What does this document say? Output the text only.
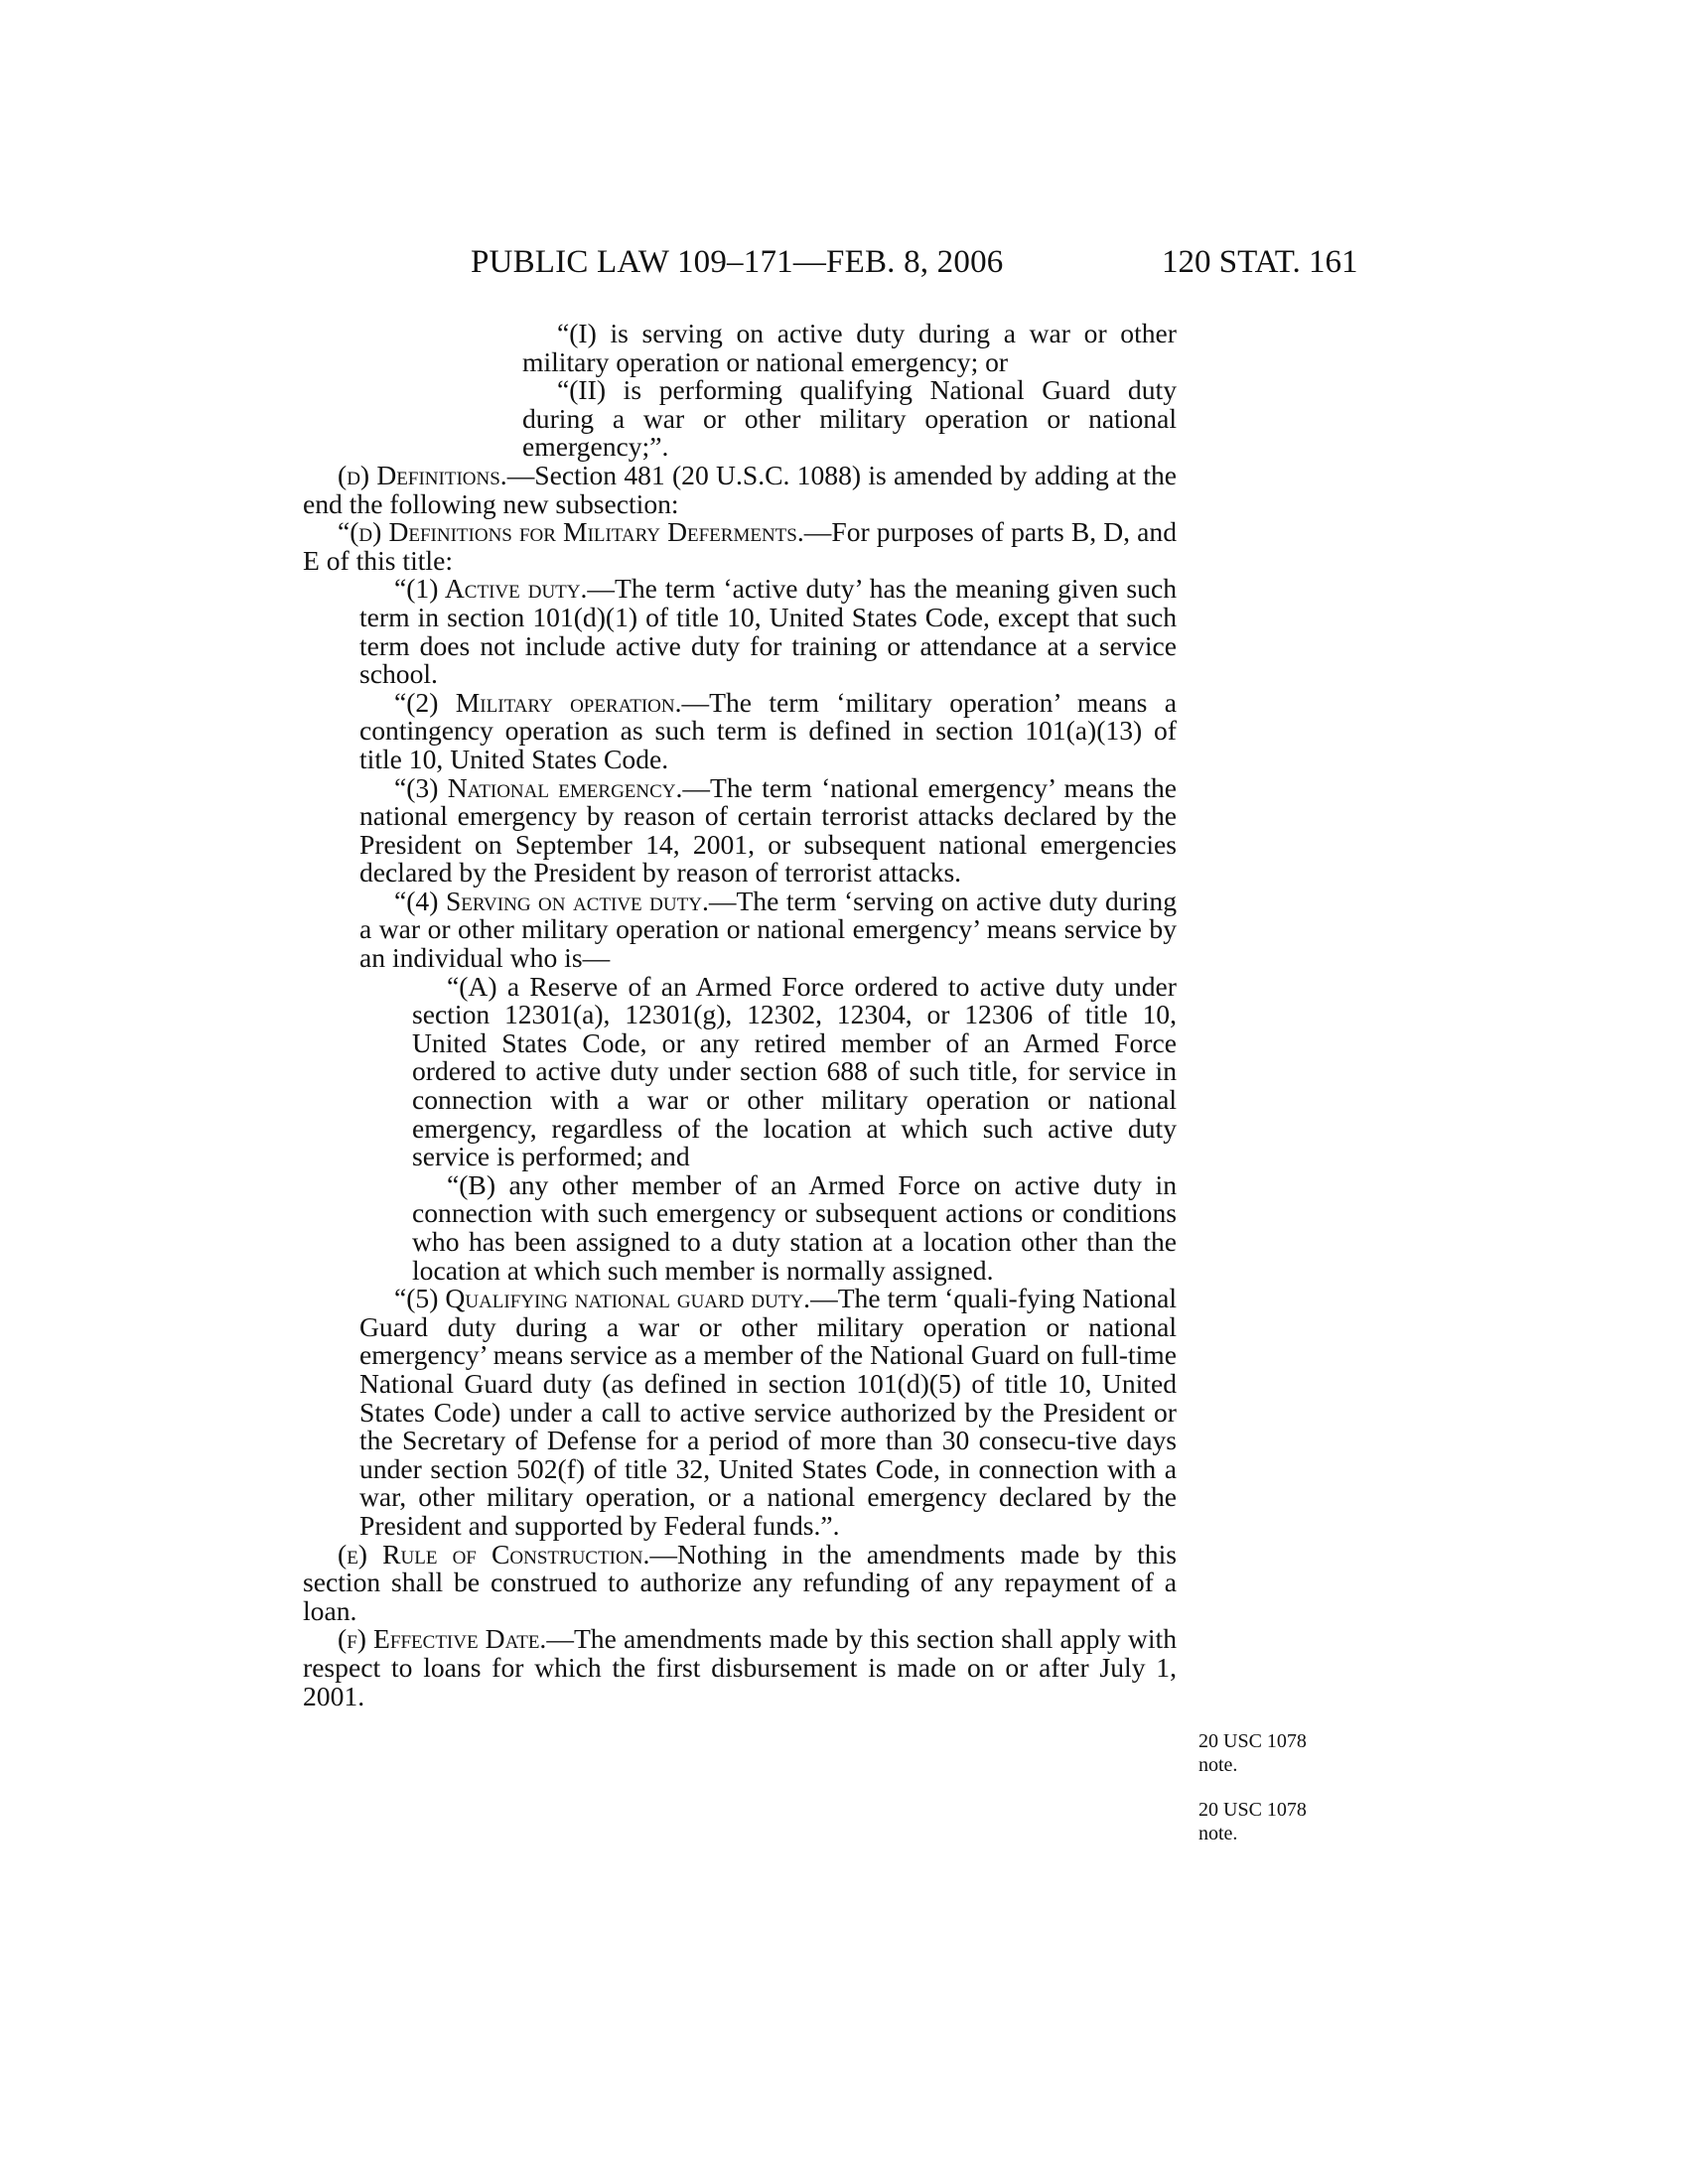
PUBLIC LAW 109–171—FEB. 8, 2006	120 STAT. 161

“(I) is serving on active duty during a war or other military operation or national emergency; or

“(II) is performing qualifying National Guard duty during a war or other military operation or national emergency;”.

(d) Definitions.—Section 481 (20 U.S.C. 1088) is amended by adding at the end the following new subsection:

“(d) Definitions for Military Deferments.—For purposes of parts B, D, and E of this title:

“(1) Active duty.—The term ‘active duty’ has the meaning given such term in section 101(d)(1) of title 10, United States Code, except that such term does not include active duty for training or attendance at a service school.

“(2) Military operation.—The term ‘military operation’ means a contingency operation as such term is defined in section 101(a)(13) of title 10, United States Code.

“(3) National emergency.—The term ‘national emergency’ means the national emergency by reason of certain terrorist attacks declared by the President on September 14, 2001, or subsequent national emergencies declared by the President by reason of terrorist attacks.

“(4) Serving on active duty.—The term ‘serving on active duty during a war or other military operation or national emergency’ means service by an individual who is—

“(A) a Reserve of an Armed Force ordered to active duty under section 12301(a), 12301(g), 12302, 12304, or 12306 of title 10, United States Code, or any retired member of an Armed Force ordered to active duty under section 688 of such title, for service in connection with a war or other military operation or national emergency, regardless of the location at which such active duty service is performed; and

“(B) any other member of an Armed Force on active duty in connection with such emergency or subsequent actions or conditions who has been assigned to a duty station at a location other than the location at which such member is normally assigned.

“(5) Qualifying national guard duty.—The term ‘quali-fying National Guard duty during a war or other military operation or national emergency’ means service as a member of the National Guard on full-time National Guard duty (as defined in section 101(d)(5) of title 10, United States Code) under a call to active service authorized by the President or the Secretary of Defense for a period of more than 30 consecu-tive days under section 502(f) of title 32, United States Code, in connection with a war, other military operation, or a national emergency declared by the President and supported by Federal funds.”.

(e) Rule of Construction.—Nothing in the amendments made by this section shall be construed to authorize any refunding of any repayment of a loan.

(f) Effective Date.—The amendments made by this section shall apply with respect to loans for which the first disbursement is made on or after July 1, 2001.

20 USC 1078
note.
20 USC 1078
note.
